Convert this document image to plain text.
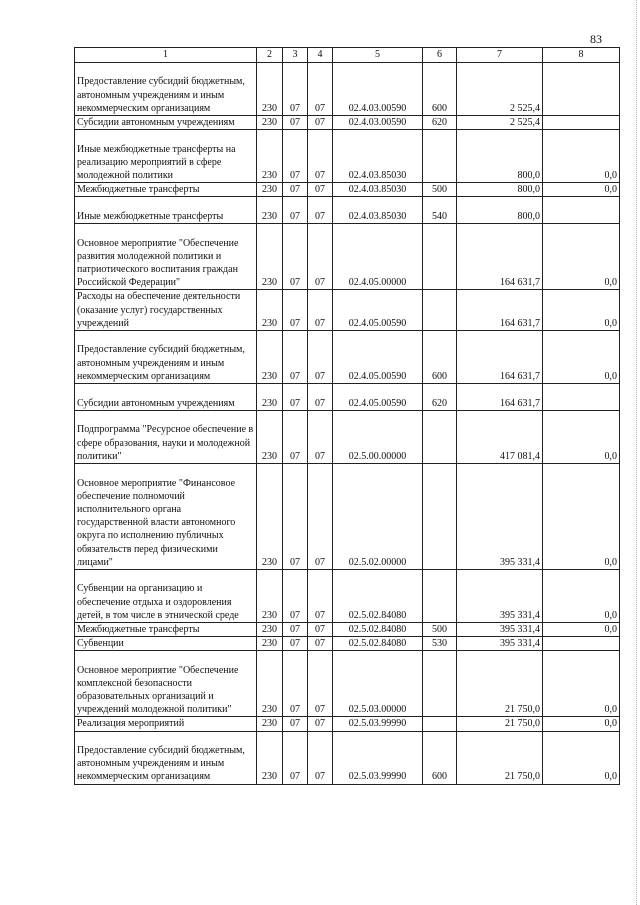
83
1	2	3	4	5	6	7	8
Предоставление субсидий бюджетным, автономным учреждениям и иным некоммерческим организациям	230	07	07	02.4.03.00590	600	2 525,4	
Субсидии автономным учреждениям	230	07	07	02.4.03.00590	620	2 525,4	
Иные межбюджетные трансферты на реализацию мероприятий в сфере молодежной политики	230	07	07	02.4.03.85030		800,0	0,0
Межбюджетные трансферты	230	07	07	02.4.03.85030	500	800,0	0,0
Иные межбюджетные трансферты	230	07	07	02.4.03.85030	540	800,0	
Основное мероприятие "Обеспечение развития молодежной политики и патриотического воспитания граждан Российской Федерации"	230	07	07	02.4.05.00000		164 631,7	0,0
Расходы на обеспечение деятельности (оказание услуг) государственных учреждений	230	07	07	02.4.05.00590		164 631,7	0,0
Предоставление субсидий бюджетным, автономным учреждениям и иным некоммерческим организациям	230	07	07	02.4.05.00590	600	164 631,7	0,0
Субсидии автономным учреждениям	230	07	07	02.4.05.00590	620	164 631,7	
Подпрограмма "Ресурсное обеспечение в сфере образования, науки и молодежной политики"	230	07	07	02.5.00.00000		417 081,4	0,0
Основное мероприятие "Финансовое обеспечение полномочий исполнительного органа государственной власти автономного округа по исполнению публичных обязательств перед физическими лицами"	230	07	07	02.5.02.00000		395 331,4	0,0
Субвенции на организацию и обеспечение отдыха и оздоровления детей, в том числе в этнической среде	230	07	07	02.5.02.84080		395 331,4	0,0
Межбюджетные трансферты	230	07	07	02.5.02.84080	500	395 331,4	0,0
Субвенции	230	07	07	02.5.02.84080	530	395 331,4	
Основное мероприятие "Обеспечение комплексной безопасности образовательных организаций и учреждений молодежной политики"	230	07	07	02.5.03.00000		21 750,0	0,0
Реализация мероприятий	230	07	07	02.5.03.99990		21 750,0	0,0
Предоставление субсидий бюджетным, автономным учреждениям и иным некоммерческим организациям	230	07	07	02.5.03.99990	600	21 750,0	0,0
